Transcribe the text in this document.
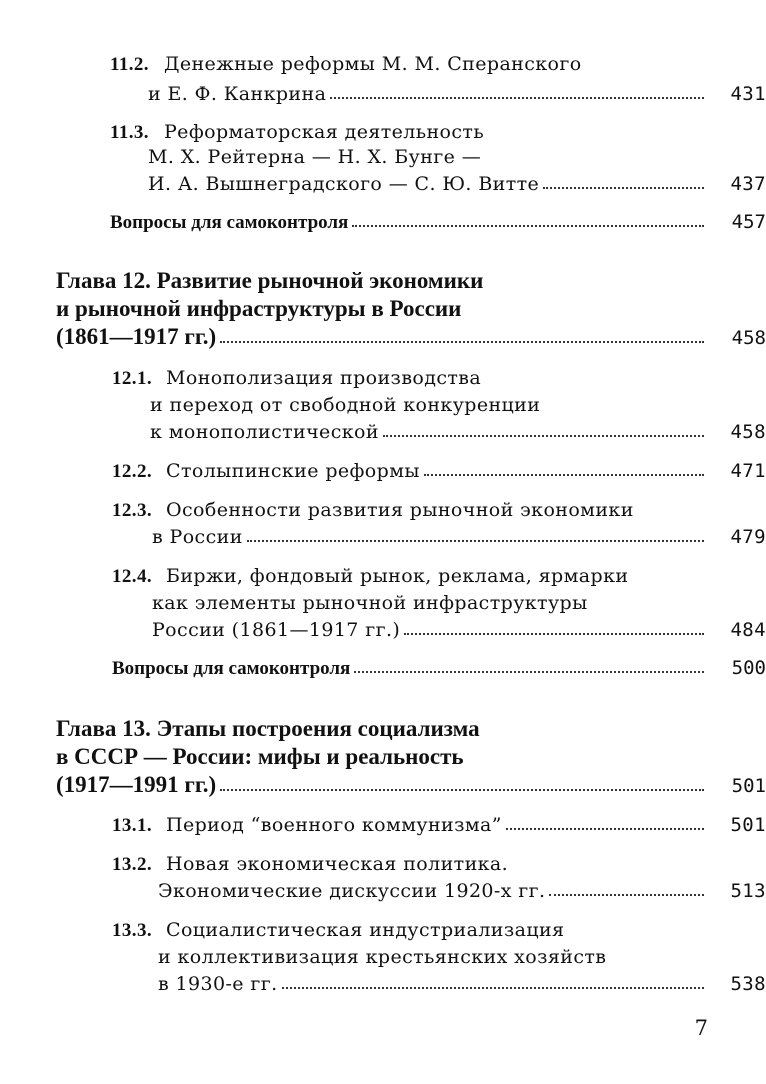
11.2. Денежные реформы М. М. Сперанского
и Е. Ф. Канкрина	431
11.3. Реформаторская деятельность
М. Х. Рейтерна — Н. Х. Бунге —
И. А. Вышнеградского — С. Ю. Витте	437
Вопросы для самоконтроля	457
Глава 12. Развитие рыночной экономики
и рыночной инфраструктуры в России
(1861—1917 гг.)	458
12.1. Монополизация производства
и переход от свободной конкуренции
к монополистической	458
12.2. Столыпинские реформы	471
12.3. Особенности развития рыночной экономики
в России	479
12.4. Биржи, фондовый рынок, реклама, ярмарки
как элементы рыночной инфраструктуры
России (1861—1917 гг.)	484
Вопросы для самоконтроля	500
Глава 13. Этапы построения социализма
в СССР — России: мифы и реальность
(1917—1991 гг.)	501
13.1. Период “военного коммунизма”	501
13.2. Новая экономическая политика.
Экономические дискуссии 1920-х гг.	513
13.3. Социалистическая индустриализация
и коллективизация крестьянских хозяйств
в 1930-е гг.	538
7
